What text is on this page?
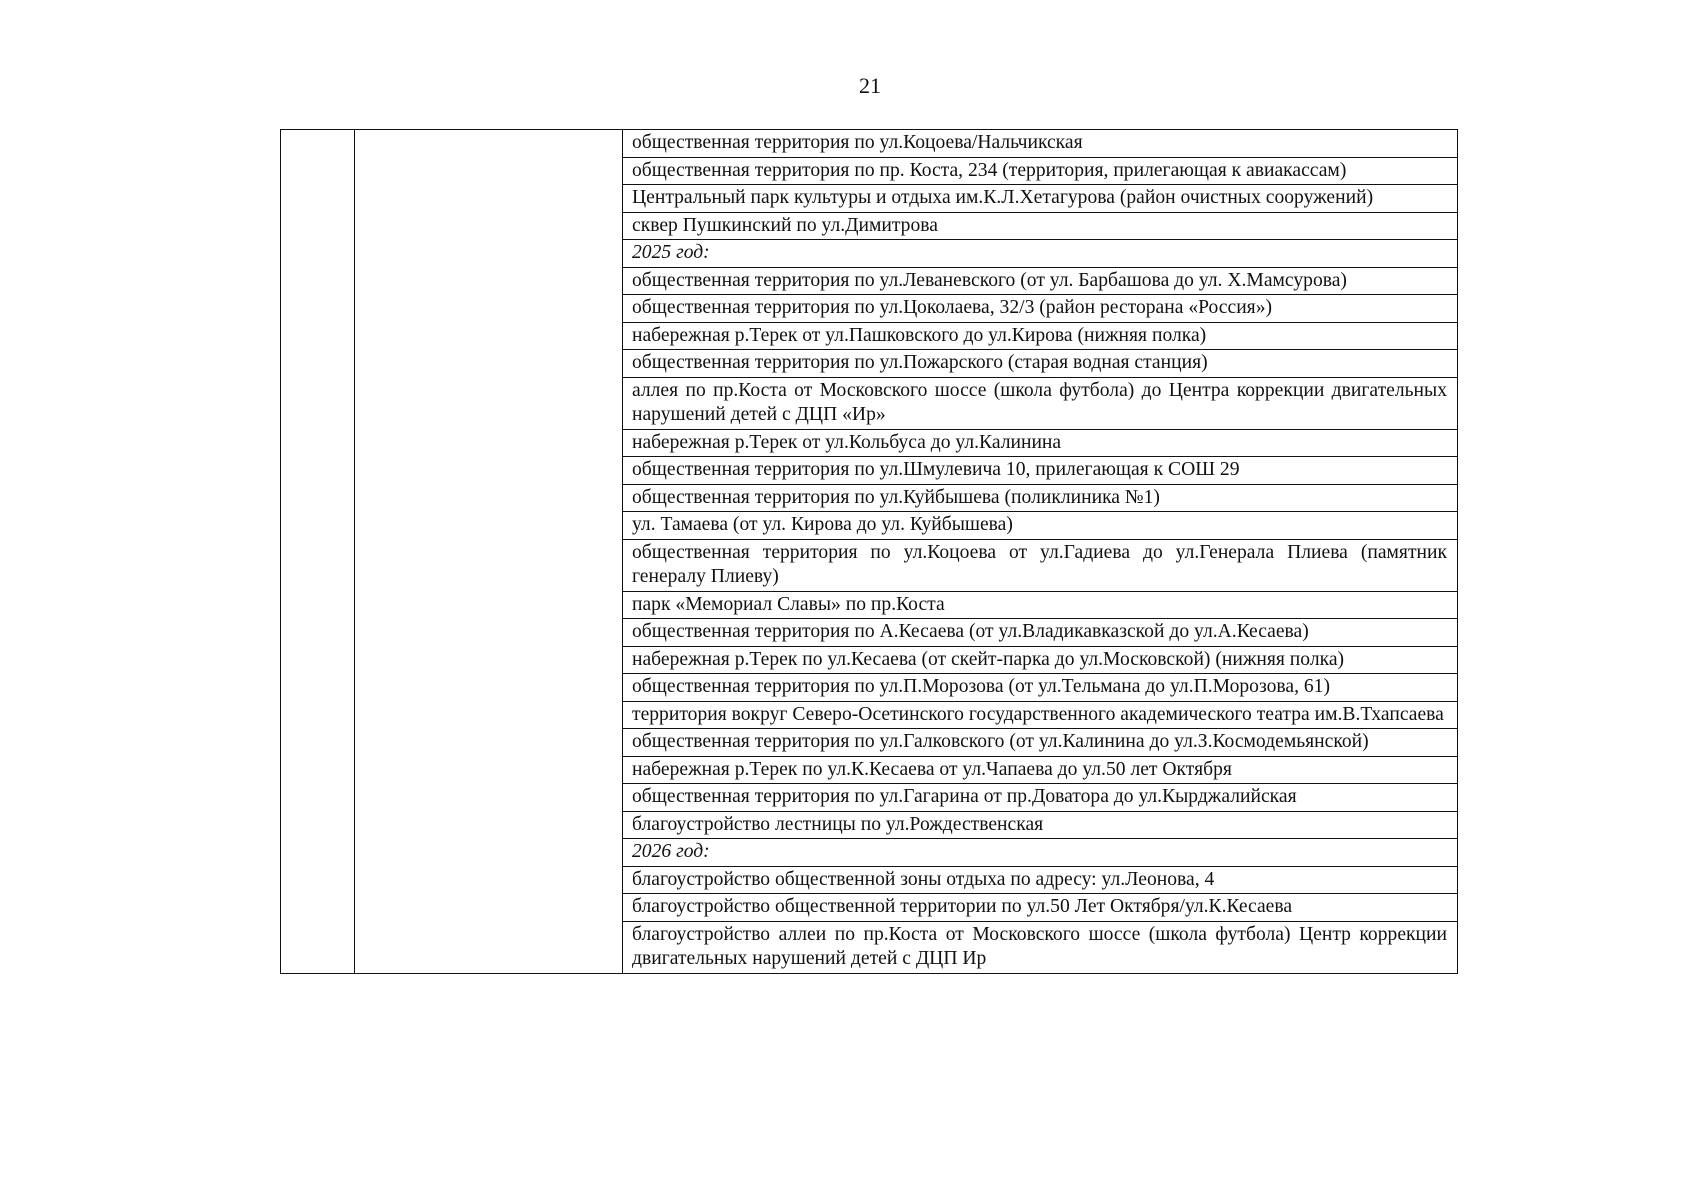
21
		общественная территория по ул.Коцоева/Нальчикская
общественная территория по пр. Коста, 234 (территория, прилегающая к авиакассам)
Центральный парк культуры и отдыха им.К.Л.Хетагурова (район очистных сооружений)
сквер Пушкинский по ул.Димитрова
2025 год:
общественная территория по ул.Леваневского (от ул. Барбашова до ул. Х.Мамсурова)
общественная территория по ул.Цоколаева, 32/3 (район ресторана «Россия»)
набережная р.Терек от ул.Пашковского до ул.Кирова (нижняя полка)
общественная территория по ул.Пожарского (старая водная станция)
аллея по пр.Коста от Московского шоссе (школа футбола) до Центра коррекции двигательных нарушений детей с ДЦП «Ир»
набережная р.Терек от ул.Кольбуса до ул.Калинина
общественная территория по ул.Шмулевича 10, прилегающая к СОШ 29
общественная территория по ул.Куйбышева (поликлиника №1)
ул. Тамаева (от ул. Кирова до ул. Куйбышева)
общественная территория по ул.Коцоева от ул.Гадиева до ул.Генерала Плиева (памятник генералу Плиеву)
парк «Мемориал Славы» по пр.Коста
общественная территория по А.Кесаева (от ул.Владикавказской до ул.А.Кесаева)
набережная р.Терек по ул.Кесаева (от скейт-парка до ул.Московской) (нижняя полка)
общественная территория по ул.П.Морозова (от ул.Тельмана до ул.П.Морозова, 61)
территория вокруг Северо-Осетинского государственного академического театра им.В.Тхапсаева
общественная территория по ул.Галковского (от ул.Калинина до ул.З.Космодемьянской)
набережная р.Терек по ул.К.Кесаева от ул.Чапаева до ул.50 лет Октября
общественная территория по ул.Гагарина от пр.Доватора до ул.Кырджалийская
благоустройство лестницы по ул.Рождественская
2026 год:
благоустройство общественной зоны отдыха по адресу: ул.Леонова, 4
благоустройство общественной территории по ул.50 Лет Октября/ул.К.Кесаева
благоустройство аллеи по пр.Коста от Московского шоссе (школа футбола) Центр коррекции двигательных нарушений детей с ДЦП Ир
